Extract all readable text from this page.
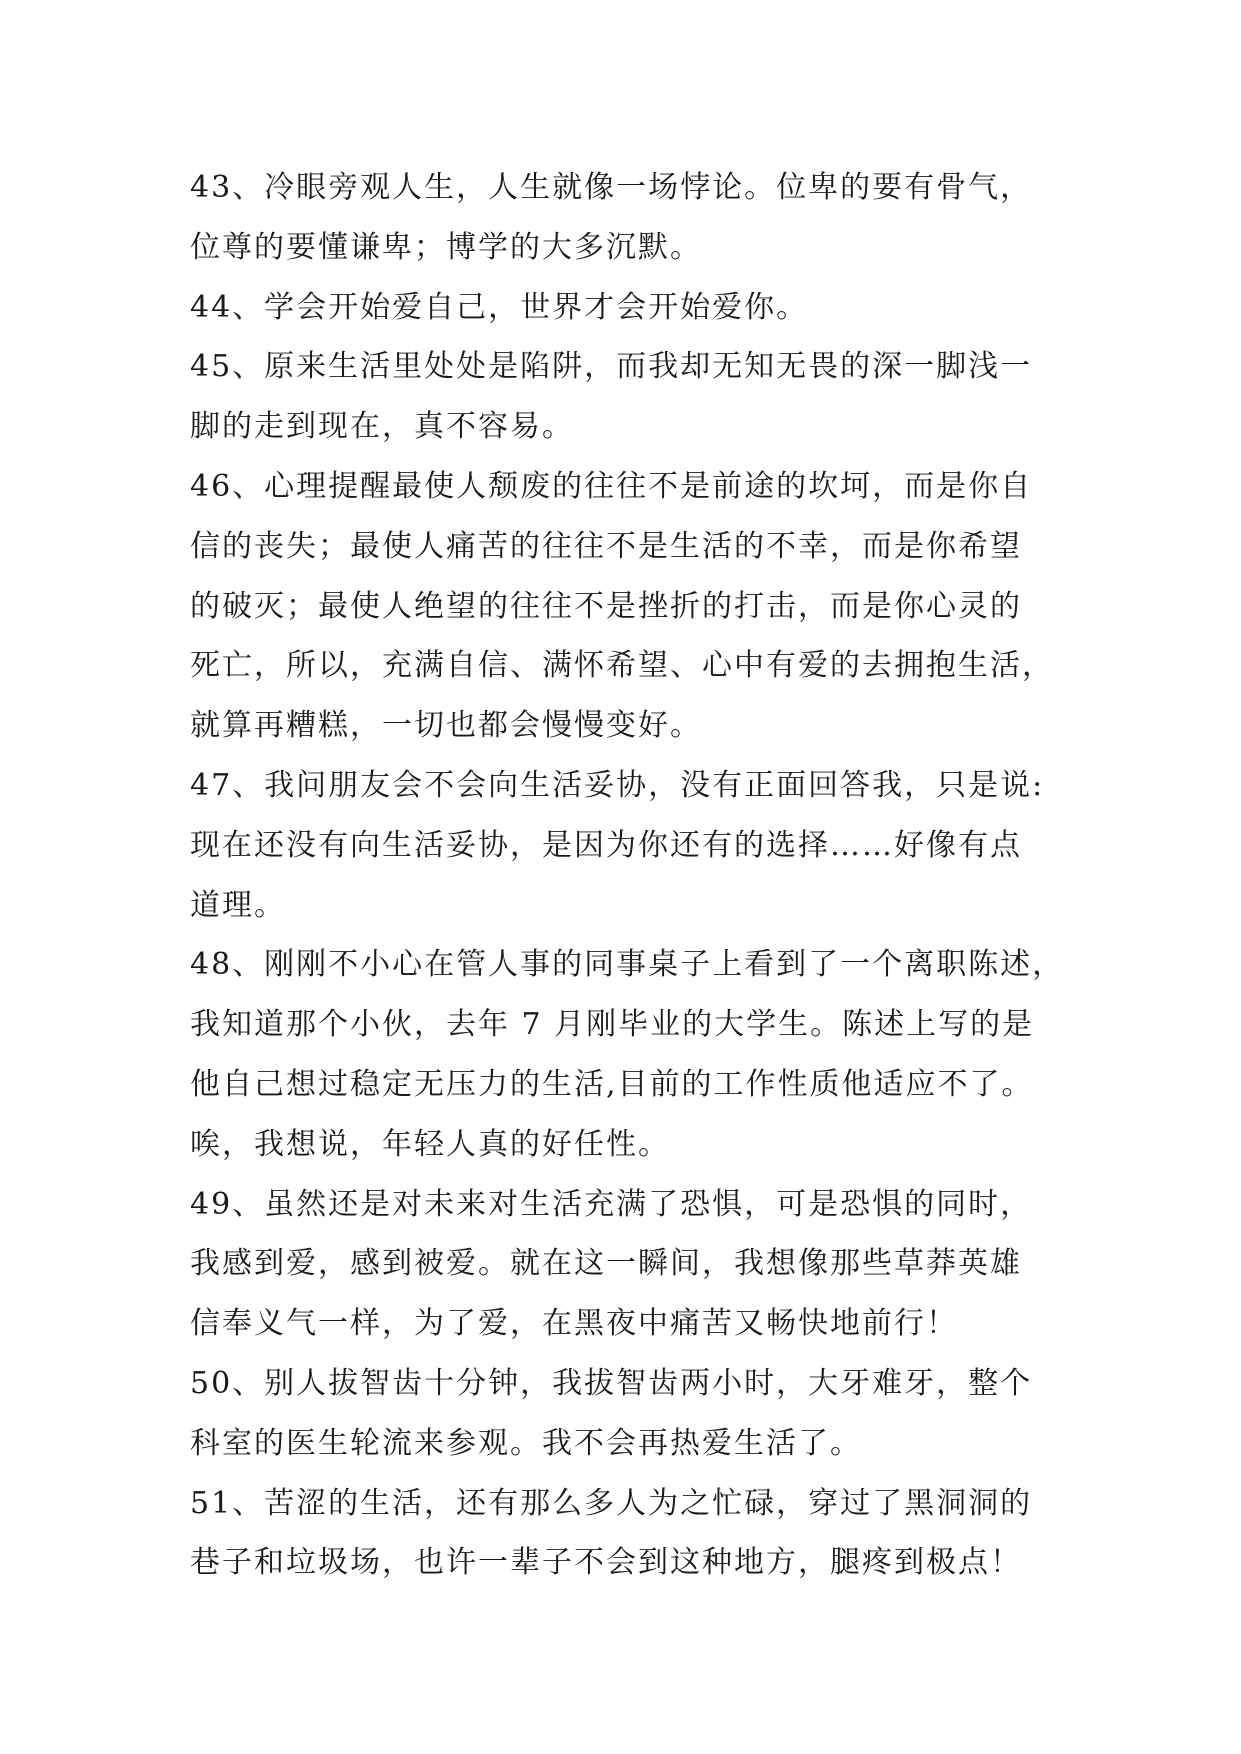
43、冷眼旁观人生，人生就像一场悖论。位卑的要有骨气，
位尊的要懂谦卑；博学的大多沉默。
44、学会开始爱自己，世界才会开始爱你。
45、原来生活里处处是陷阱，而我却无知无畏的深一脚浅一
脚的走到现在，真不容易。
46、心理提醒最使人颓废的往往不是前途的坎坷，而是你自
信的丧失；最使人痛苦的往往不是生活的不幸，而是你希望
的破灭；最使人绝望的往往不是挫折的打击，而是你心灵的
死亡，所以，充满自信、满怀希望、心中有爱的去拥抱生活，
就算再糟糕，一切也都会慢慢变好。
47、我问朋友会不会向生活妥协，没有正面回答我，只是说:
现在还没有向生活妥协，是因为你还有的选择……好像有点
道理。
48、刚刚不小心在管人事的同事桌子上看到了一个离职陈述，
我知道那个小伙，去年 7 月刚毕业的大学生。陈述上写的是
他自己想过稳定无压力的生活,目前的工作性质他适应不了。
唉，我想说，年轻人真的好任性。
49、虽然还是对未来对生活充满了恐惧，可是恐惧的同时，
我感到爱，感到被爱。就在这一瞬间，我想像那些草莽英雄
信奉义气一样，为了爱，在黑夜中痛苦又畅快地前行！
50、别人拔智齿十分钟，我拔智齿两小时，大牙难牙，整个
科室的医生轮流来参观。我不会再热爱生活了。
51、苦涩的生活，还有那么多人为之忙碌，穿过了黑洞洞的
巷子和垃圾场，也许一辈子不会到这种地方，腿疼到极点！
